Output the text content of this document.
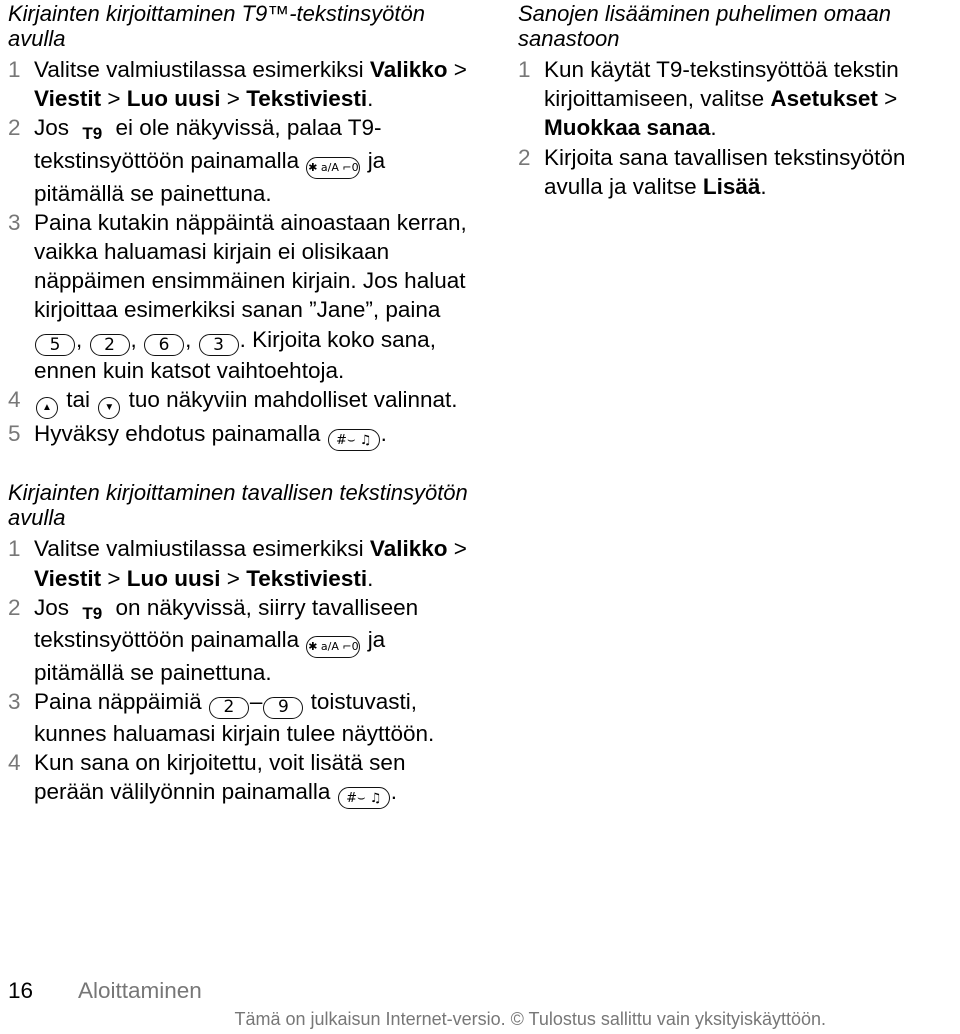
Kirjainten kirjoittaminen T9™-tekstinsyötön avulla
1 Valitse valmiustilassa esimerkiksi Valikko > Viestit > Luo uusi > Tekstiviesti.
2 Jos T9 ei ole näkyvissä, palaa T9-tekstinsyöttöön painamalla ✱ a/A ⌐0 ja pitämällä se painettuna.
3 Paina kutakin näppäintä ainoastaan kerran, vaikka haluamasi kirjain ei olisikaan näppäimen ensimmäinen kirjain. Jos haluat kirjoittaa esimerkiksi sanan ”Jane”, paina 5 , 2 , 6 , 3 . Kirjoita koko sana, ennen kuin katsot vaihtoehtoja.
4	▲ tai ▼ tuo näkyviin mahdolliset valinnat.
5 Hyväksy ehdotus painamalla #⌣ ♫ .
Kirjainten kirjoittaminen tavallisen tekstinsyötön avulla
1 Valitse valmiustilassa esimerkiksi Valikko > Viestit > Luo uusi > Tekstiviesti.
2 Jos T9 on näkyvissä, siirry tavalliseen tekstinsyöttöön painamalla ✱ a/A ⌐0 ja pitämällä se painettuna.
3 Paina näppäimiä 2 – 9 toistuvasti, kunnes haluamasi kirjain tulee näyttöön.
4 Kun sana on kirjoitettu, voit lisätä sen perään välilyönnin painamalla #⌣ ♫ .
Sanojen lisääminen puhelimen omaan sanastoon
1 Kun käytät T9-tekstinsyöttöä tekstin kirjoittamiseen, valitse Asetukset > Muokkaa sanaa.
2 Kirjoita sana tavallisen tekstinsyötön avulla ja valitse Lisää.
16 Aloittaminen
Tämä on julkaisun Internet-versio. © Tulostus sallittu vain yksityiskäyttöön.
